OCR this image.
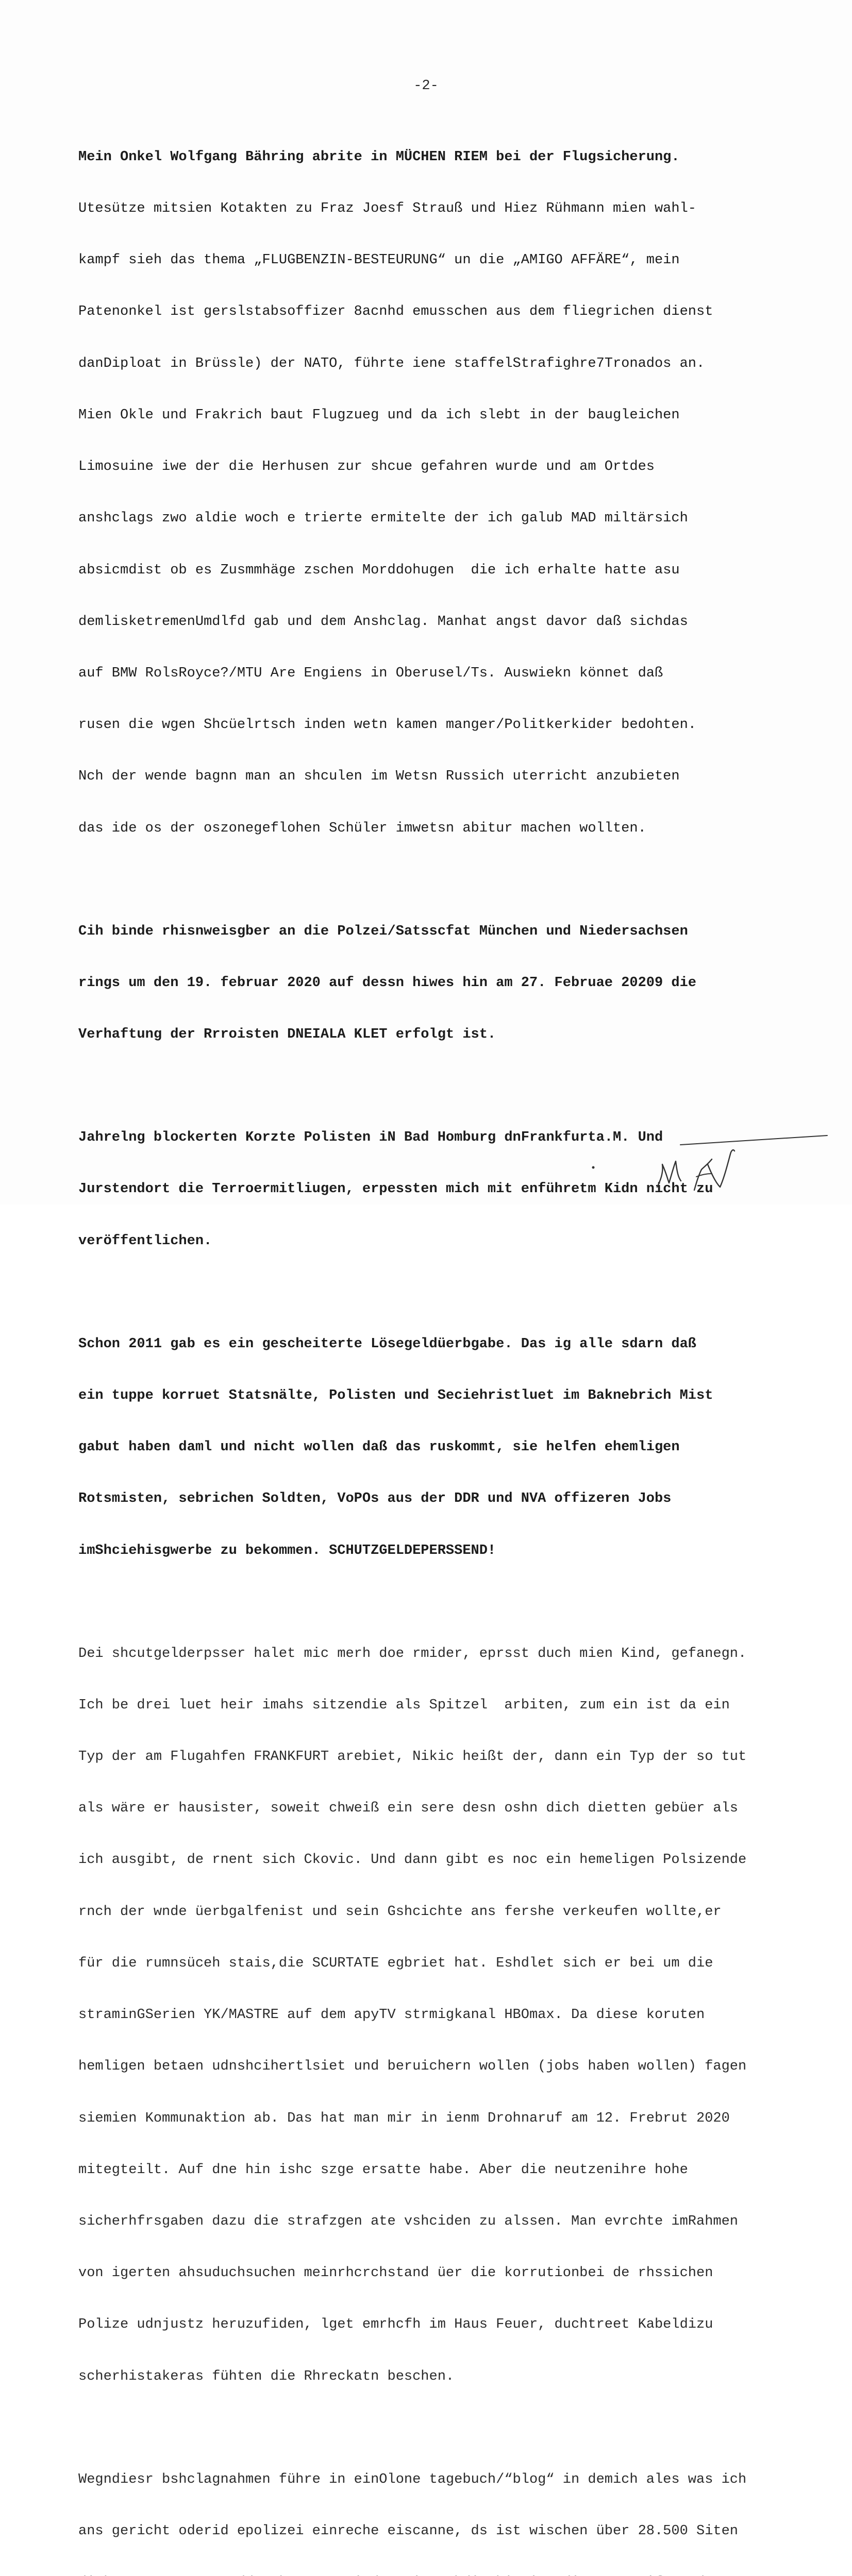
-2-

Mein Onkel Wolfgang Bähring abrite in MÜCHEN RIEM bei der Flugsicherung.

Utesütze mitsien Kotakten zu Fraz Joesf Strauß und Hiez Rühmann mien wahl-

kampf sieh das thema „FLUGBENZIN-BESTEURUNG“ un die „AMIGO AFFÄRE“, mein

Patenonkel ist gerslstabsoffizer 8acnhd emusschen aus dem fliegrichen dienst

danDiploat in Brüssle) der NATO, führte iene staffelStrafighre7Tronados an.

Mien Okle und Frakrich baut Flugzueg und da ich slebt in der baugleichen

Limosuine iwe der die Herhusen zur shcue gefahren wurde und am Ortdes

anshclags zwo aldie woch e trierte ermitelte der ich galub MAD miltärsich

absicmdist ob es Zusmmhäge zschen Morddohugen  die ich erhalte hatte asu

demlisketremenUmdlfd gab und dem Anshclag. Manhat angst davor daß sichdas

auf BMW RolsRoyce?/MTU Are Engiens in Oberusel/Ts. Auswiekn könnet daß

rusen die wgen Shcüelrtsch inden wetn kamen manger/Politkerkider bedohten.

Nch der wende bagnn man an shculen im Wetsn Russich uterricht anzubieten

das ide os der oszonegeflohen Schüler imwetsn abitur machen wollten.

Cih binde rhisnweisgber an die Polzei/Satsscfat München und Niedersachsen

rings um den 19. februar 2020 auf dessn hiwes hin am 27. Februae 20209 die

Verhaftung der Rrroisten DNEIALA KLET erfolgt ist.

Jahrelng blockerten Korzte Polisten iN Bad Homburg dnFrankfurta.M. Und

Jurstendort die Terroermitliugen, erpessten mich mit enführetm Kidn nicht zu

veröffentlichen.

Schon 2011 gab es ein gescheiterte Lösegeldüerbgabe. Das ig alle sdarn daß

ein tuppe korruet Statsnälte, Polisten und Seciehristluet im Baknebrich Mist

gabut haben daml und nicht wollen daß das ruskommt, sie helfen ehemligen

Rotsmisten, sebrichen Soldten, VoPOs aus der DDR und NVA offizeren Jobs

imShciehisgwerbe zu bekommen. SCHUTZGELDEPERSSEND!

Dei shcutgelderpsser halet mic merh doe rmider, eprsst duch mien Kind, gefanegn.

Ich be drei luet heir imahs sitzendie als Spitzel  arbiten, zum ein ist da ein

Typ der am Flugahfen FRANKFURT arebiet, Nikic heißt der, dann ein Typ der so tut

als wäre er hausister, soweit chweiß ein sere desn oshn dich dietten gebüer als

ich ausgibt, de rnent sich Ckovic. Und dann gibt es noc ein hemeligen Polsizende

rnch der wnde üerbgalfenist und sein Gshcichte ans fershe verkeufen wollte,er

für die rumnsüceh stais,die SCURTATE egbriet hat. Eshdlet sich er bei um die

straminGSerien YK/MASTRE auf dem apyTV strmigkanal HBOmax. Da diese koruten

hemligen betaen udnshcihertlsiet und beruichern wollen (jobs haben wollen) fagen

siemien Kommunaktion ab. Das hat man mir in ienm Drohnaruf am 12. Frebrut 2020

mitegteilt. Auf dne hin ishc szge ersatte habe. Aber die neutzenihre hohe

sicherhfrsgaben dazu die strafzgen ate vshciden zu alssen. Man evrchte imRahmen

von igerten ahsuduchsuchen meinrhcrchstand üer die korrutionbei de rhssichen

Polize udnjustz heruzufiden, lget emrhcfh im Haus Feuer, duchtreet Kabeldizu

scherhistakeras fühten die Rhreckatn beschen.

Wegndiesr bshclagnahmen führe in einOlone tagebuch/“blog“ in demich ales was ich

ans gericht oderid epolizei einreche eiscanne, ds ist wischen über 28.500 Siten
